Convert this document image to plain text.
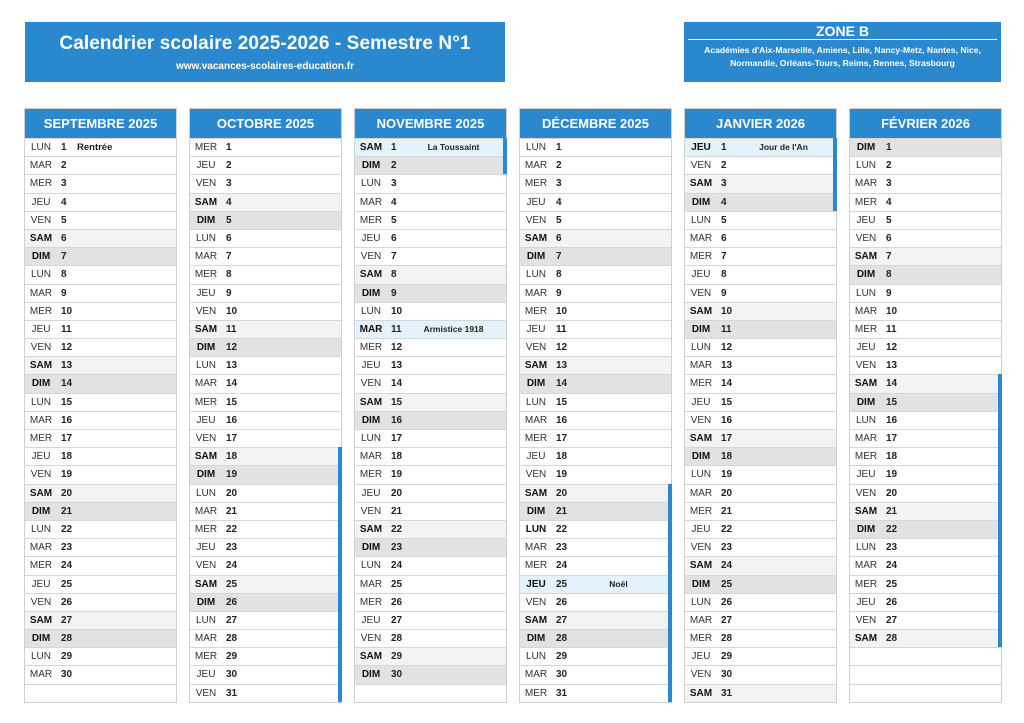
Calendrier scolaire 2025-2026 - Semestre N°1
www.vacances-scolaires-education.fr
ZONE B
Académies d'Aix-Marseille, Amiens, Lille, Nancy-Metz, Nantes, Nice, Normandie, Orléans-Tours, Reims, Rennes, Strasbourg
SEPTEMBRE 2025
LUN	1 Rentrée
MAR 2
MER 3
JEU	4
VEN 5
SAM 6
DIM	7
LUN	8
MAR 9
MER 10
JEU	11
VEN 12
SAM 13
DIM	14
LUN	15
MAR 16
MER 17
JEU	18
VEN 19
SAM 20
DIM	21
LUN	22
MAR 23
MER 24
JEU	25
VEN 26
SAM 27
DIM	28
LUN	29
MAR 30
OCTOBRE 2025
MER 1
JEU	2
VEN 3
SAM 4
DIM	5
LUN	6
MAR 7
MER 8
JEU	9
VEN 10
SAM 11
DIM	12
LUN	13
MAR 14
MER 15
JEU	16
VEN 17
SAM 18
DIM	19
LUN	20
MAR 21
MER 22
JEU	23
VEN 24
SAM 25
DIM	26
LUN	27
MAR 28
MER 29
JEU	30
VEN 31
NOVEMBRE 2025
SAM 1	La Toussaint
DIM	2
LUN	3
MAR 4
MER 5
JEU	6
VEN 7
SAM 8
DIM	9
LUN	10
MAR 11	Armistice 1918
MER 12
JEU	13
VEN 14
SAM 15
DIM	16
LUN	17
MAR 18
MER 19
JEU	20
VEN 21
SAM 22
DIM	23
LUN	24
MAR 25
MER 26
JEU	27
VEN 28
SAM 29
DIM	30
DÉCEMBRE 2025
LUN	1
MAR 2
MER 3
JEU	4
VEN 5
SAM 6
DIM	7
LUN	8
MAR 9
MER 10
JEU	11
VEN 12
SAM 13
DIM	14
LUN	15
MAR 16
MER 17
JEU	18
VEN 19
SAM 20
DIM	21
LUN 22
MAR 23
MER 24
JEU	25	Noël
VEN 26
SAM 27
DIM	28
LUN	29
MAR 30
MER 31
JANVIER 2026
JEU	1	Jour de l'An
VEN 2
SAM 3
DIM	4
LUN	5
MAR 6
MER 7
JEU	8
VEN 9
SAM 10
DIM	11
LUN	12
MAR 13
MER 14
JEU	15
VEN 16
SAM 17
DIM	18
LUN	19
MAR 20
MER 21
JEU	22
VEN 23
SAM 24
DIM	25
LUN	26
MAR 27
MER 28
JEU	29
VEN 30
SAM 31
FÉVRIER 2026
DIM	1
LUN	2
MAR 3
MER 4
JEU	5
VEN 6
SAM 7
DIM	8
LUN	9
MAR 10
MER 11
JEU	12
VEN 13
SAM 14
DIM	15
LUN	16
MAR 17
MER 18
JEU	19
VEN 20
SAM 21
DIM	22
LUN	23
MAR 24
MER 25
JEU	26
VEN 27
SAM 28
